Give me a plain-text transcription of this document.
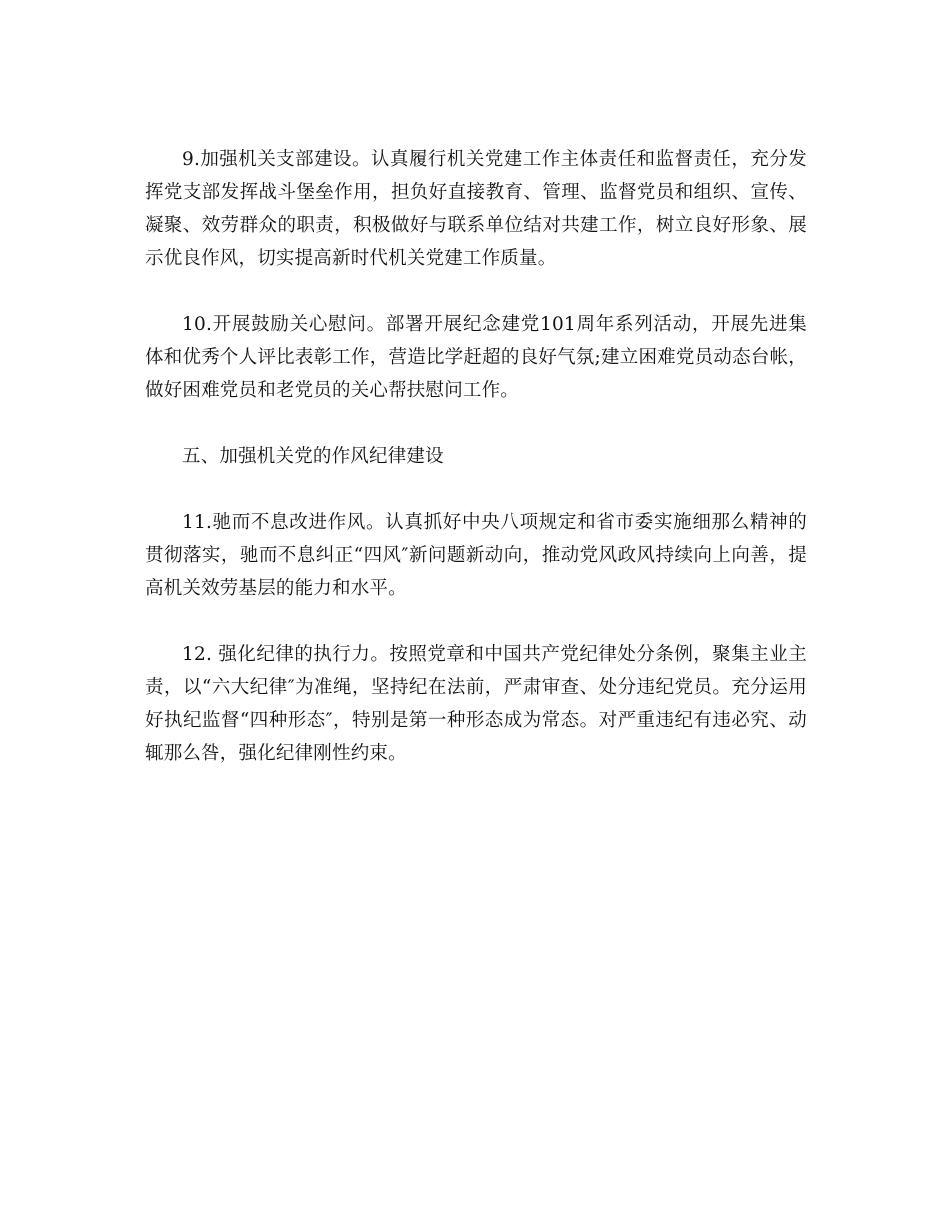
9.加强机关支部建设。认真履行机关党建工作主体责任和监督责任，充分发挥党支部发挥战斗堡垒作用，担负好直接教育、管理、监督党员和组织、宣传、凝聚、效劳群众的职责，积极做好与联系单位结对共建工作，树立良好形象、展示优良作风，切实提高新时代机关党建工作质量。

10.开展鼓励关心慰问。部署开展纪念建党101周年系列活动，开展先进集体和优秀个人评比表彰工作，营造比学赶超的良好气氛;建立困难党员动态台帐，做好困难党员和老党员的关心帮扶慰问工作。

五、加强机关党的作风纪律建设

11.驰而不息改进作风。认真抓好中央八项规定和省市委实施细那么精神的贯彻落实，驰而不息纠正“四风″新问题新动向，推动党风政风持续向上向善，提高机关效劳基层的能力和水平。

12. 强化纪律的执行力。按照党章和中国共产党纪律处分条例，聚集主业主责，以“六大纪律″为准绳，坚持纪在法前，严肃审查、处分违纪党员。充分运用好执纪监督“四种形态″，特别是第一种形态成为常态。对严重违纪有违必究、动辄那么咎，强化纪律刚性约束。
